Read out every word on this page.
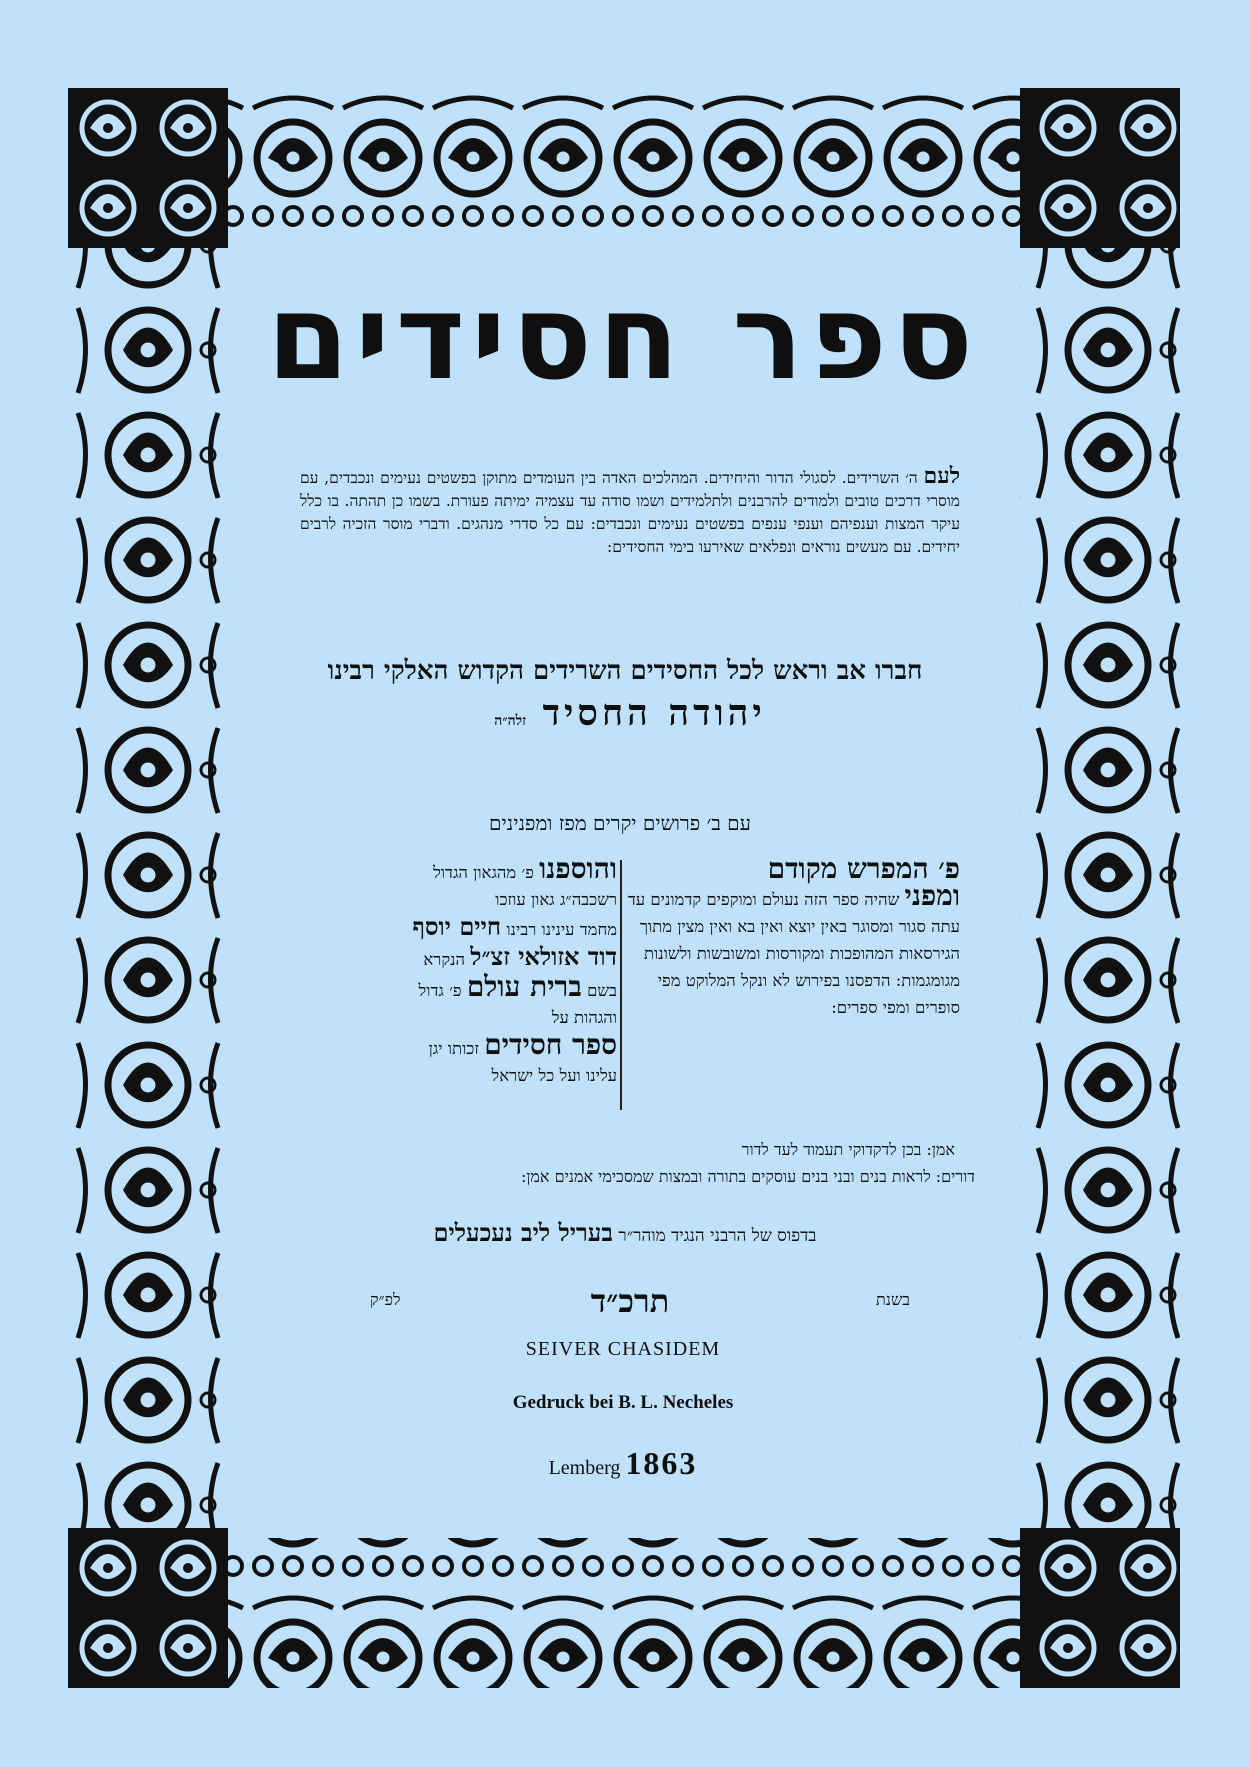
ספר חסידים
לעם ה׳ השרידים. לסגולי הדור והיחידים. המהלכים האדה בין העומדים מתוקן בפשטים נעימים ונכבדים, עם מוסרי דרכים טובים ולמודים להרבנים ולתלמידים ושמו סודה עד עצמיה ימיתה פעורת. בשמו כן תהתה. בו כלל עיקר המצות וענפיהם וענפי ענפים בפשטים נעימים ונכבדים: עם כל סדרי מנהגים. ודברי מוסר הזכיה לרבים יחידים. עם מעשים נוראים ונפלאים שאירעו בימי החסידים:
חברו אב וראש לכל החסידים השרידים הקדוש האלקי רבינו
יהודה החסיד זלה״ה
עם ב׳ פרושים יקרים מפז ומפנינים
פ׳ המפרש מקודם
ומפני שהיה ספר הזה נעולם ומוקפים קדמונים עד עתה סגור ומסוגר באין יוצא ואין בא ואין מצין מתוך הגירסאות המהופכות ומקורסות ומשובשות ולשונות מגומגמות: הדפסנו בפירוש לא ונקל המלוקט מפי סופרים ומפי ספרים:
והוספנו פ׳ מהגאון הגדול
רשכבה״ג גאון עוזכו
מחמד עינינו רבינו חיים יוסף
דוד אזולאי זצ״ל הנקרא
בשם ברית עולם פ׳ גדול
והגהות על
ספר חסידים זכותו יגן
עלינו ועל כל ישראל
אמן: בכן לדקדוקי תעמוד לעד לדור
דורים: לראות בנים ובני בנים עוסקים בתורה ובמצות שמסכימי אמנים אמן:
בדפוס של הרבני הנגיד מוהר״ר בעריל ליב נעכעלים
בשנת
תרכ״ד
לפ״ק
SEIVER CHASIDEM
Gedruck bei B. L. Necheles
Lemberg 1863
